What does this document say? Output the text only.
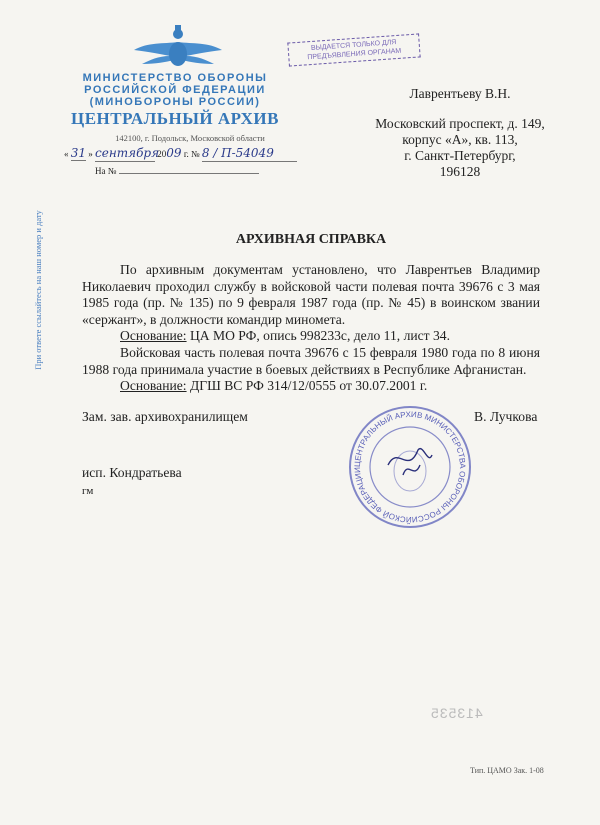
МИНИСТЕРСТВО ОБОРОНЫ
РОССИЙСКОЙ ФЕДЕРАЦИИ
(МИНОБОРОНЫ РОССИИ)
ЦЕНТРАЛЬНЫЙ АРХИВ
142100, г. Подольск, Московской области
« 31 » сентября 2009 г. № 8 / П-54049
На №
ВЫДАЕТСЯ ТОЛЬКО ДЛЯ ПРЕДЪЯВЛЕНИЯ ОРГАНАМ
При ответе ссылайтесь на наш номер и дату
Лаврентьеву В.Н.
Московский проспект, д. 149,
корпус «А», кв. 113,
г. Санкт-Петербург,
196128
АРХИВНАЯ СПРАВКА

По архивным документам установлено, что Лаврентьев Владимир Николаевич проходил службу в войсковой части полевая почта 39676 с 3 мая 1985 года (пр. № 135) по 9 февраля 1987 года (пр. № 45) в воинском звании «сержант», в должности командир миномета.

Основание: ЦА МО РФ, опись 998233с, дело 11, лист 34.

Войсковая часть полевая почта 39676 с 15 февраля 1980 года по 8 июня 1988 года принимала участие в боевых действиях в Республике Афганистан.

Основание: ДГШ ВС РФ 314/12/0555 от 30.07.2001 г.

ЦЕНТРАЛЬНЫЙ АРХИВ МИНИСТЕРСТВА ОБОРОНЫ РОССИЙСКОЙ ФЕДЕРАЦИИ
Зам. зав. архивохранилищем	В. Лучкова
исп. Кондратьева
гм
413535
Тип. ЦАМО Зак. 1-08
